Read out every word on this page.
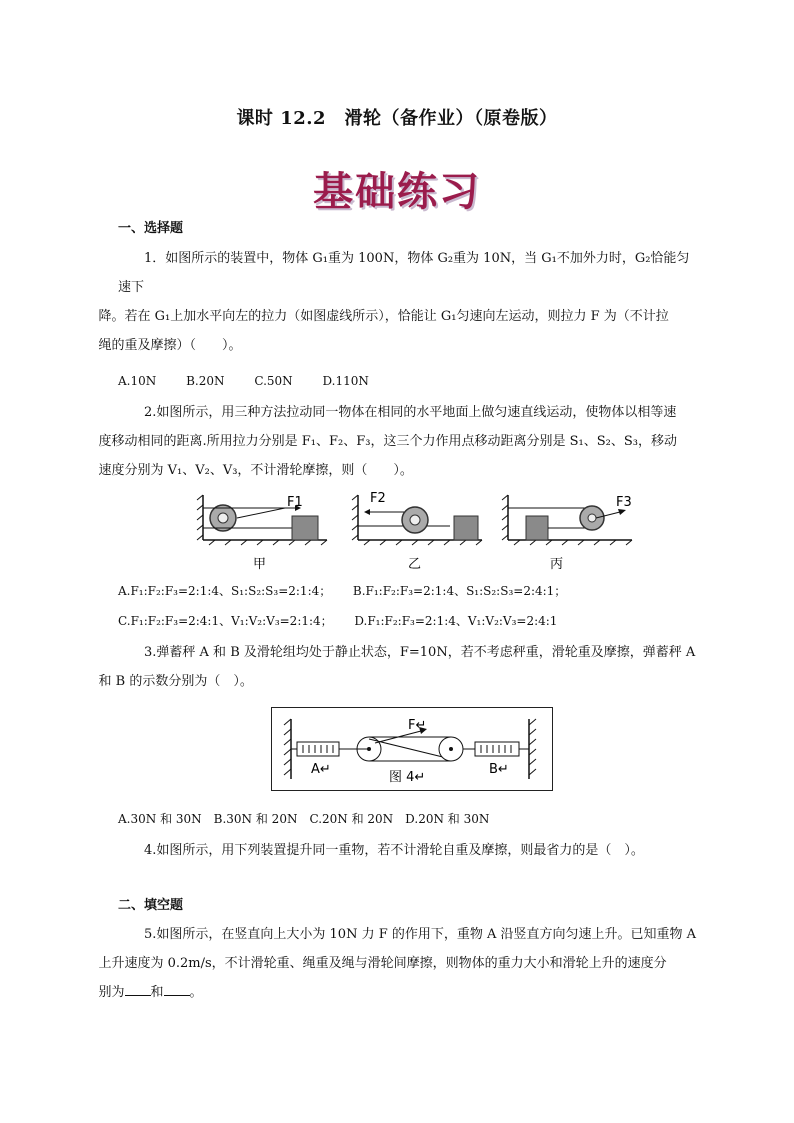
课时 12.2　滑轮（备作业）（原卷版）
基础练习
一、选择题

1．如图所示的装置中，物体 G₁重为 100N，物体 G₂重为 10N，当 G₁不加外力时，G₂恰能匀速下

降。若在 G₁上加水平向左的拉力（如图虚线所示），恰能让 G₁匀速向左运动，则拉力 F 为（不计拉

绳的重及摩擦）（　　）。

A.10N B.20N C.50N D.110N

2.如图所示，用三种方法拉动同一物体在相同的水平地面上做匀速直线运动，使物体以相等速

度移动相同的距离.所用拉力分别是 F₁、F₂、F₃，这三个力作用点移动距离分别是 S₁、S₂、S₃，移动

速度分别为 V₁、V₂、V₃，不计滑轮摩擦，则（　　）。

F1	F2	F3
甲	乙	丙
A.F₁:F₂:F₃=2:1:4、S₁:S₂:S₃=2:1:4； B.F₁:F₂:F₃=2:1:4、S₁:S₂:S₃=2:4:1；
C.F₁:F₂:F₃=2:4:1、V₁:V₂:V₃=2:1:4； D.F₁:F₂:F₃=2:1:4、V₁:V₂:V₃=2:4:1

3.弹蓄秤 A 和 B 及滑轮组均处于静止状态，F=10N，若不考虑秤重，滑轮重及摩擦，弹蓄秤 A

和 B 的示数分别为（　）。

F↵
A↵
图 4↵
B↵
A.30N 和 30N　B.30N 和 20N　C.20N 和 20N　D.20N 和 30N

4.如图所示，用下列装置提升同一重物，若不计滑轮自重及摩擦，则最省力的是（　）。

二、填空题

5.如图所示，在竖直向上大小为 10N 力 F 的作用下，重物 A 沿竖直方向匀速上升。已知重物 A

上升速度为 0.2m/s，不计滑轮重、绳重及绳与滑轮间摩擦，则物体的重力大小和滑轮上升的速度分

别为 和 。
